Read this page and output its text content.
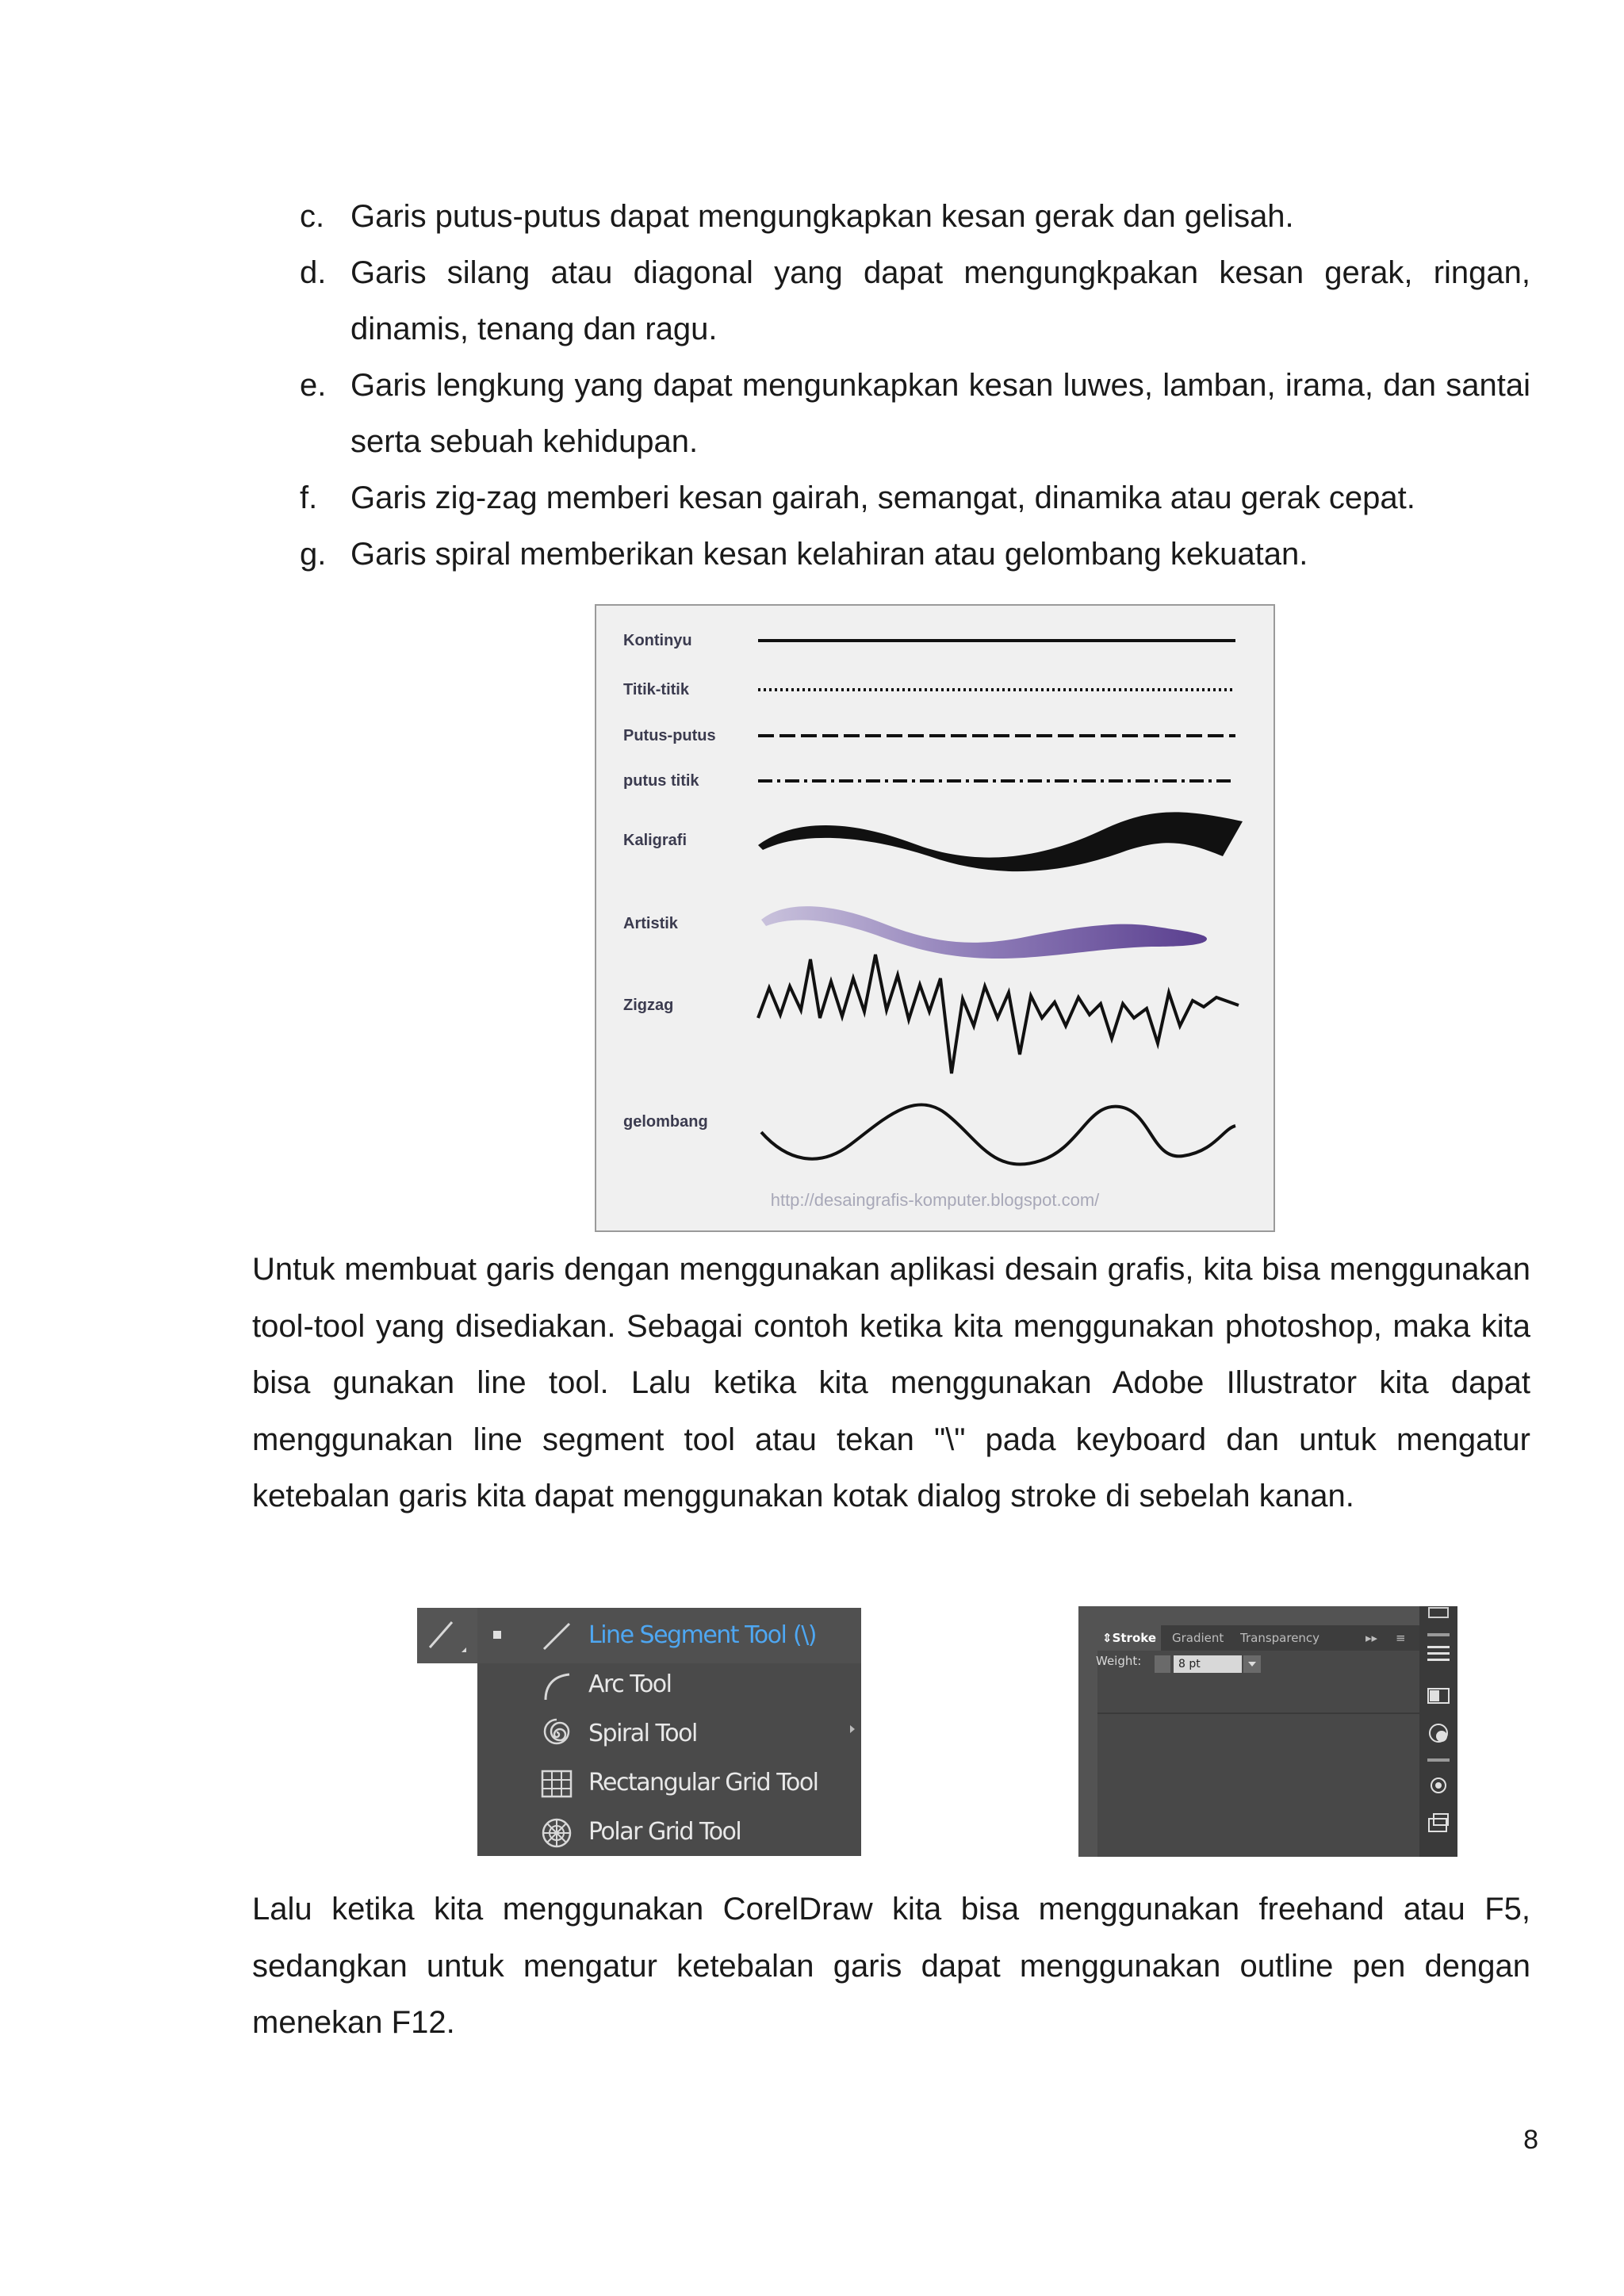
c. Garis putus-putus dapat mengungkapkan kesan gerak dan gelisah.
d. Garis silang atau diagonal yang dapat mengungkpakan kesan gerak, ringan, dinamis, tenang dan ragu.
e. Garis lengkung yang dapat mengunkapkan kesan luwes, lamban, irama, dan santai serta sebuah kehidupan.
f. Garis zig-zag memberi kesan gairah, semangat, dinamika atau gerak cepat.
g. Garis spiral memberikan kesan kelahiran atau gelombang kekuatan.
Kontinyu
Titik-titik
Putus-putus
putus titik
Kaligrafi
Artistik
Zigzag
gelombang
http://desaingrafis-komputer.blogspot.com/

Untuk membuat garis dengan menggunakan aplikasi desain grafis, kita bisa menggunakan tool-tool yang disediakan. Sebagai contoh ketika kita menggunakan photoshop, maka kita bisa gunakan line tool. Lalu ketika kita menggunakan Adobe Illustrator kita dapat menggunakan line segment tool atau tekan "\" pada keyboard dan untuk mengatur ketebalan garis kita dapat menggunakan kotak dialog stroke di sebelah kanan.

Line Segment Tool (\)
Arc Tool
Spiral Tool
Rectangular Grid Tool
Polar Grid Tool
⇕Stroke	Gradient Transparency	▸▸ ≡
Weight:	8 pt

Lalu ketika kita menggunakan CorelDraw kita bisa menggunakan freehand atau F5, sedangkan untuk mengatur ketebalan garis dapat menggunakan outline pen dengan menekan F12.

8
